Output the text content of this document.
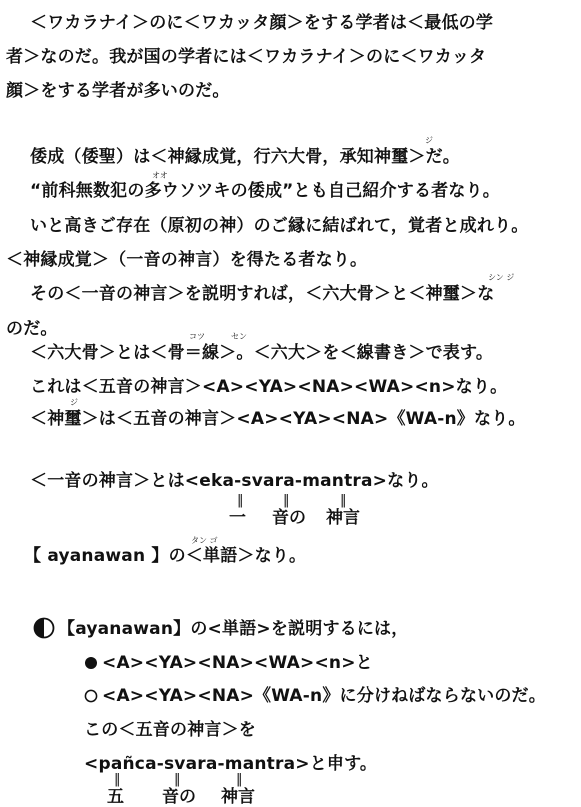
＜ワカラナイ＞のに＜ワカッタ顔＞をする学者は＜最低の学
者＞なのだ。我が国の学者には＜ワカラナイ＞のに＜ワカッタ
顔＞をする学者が多いのだ。
ジ
倭成（倭聖）は＜神縁成覚，行六大骨，承知神璽＞だ。
オオ
“前科無数犯の多ウソツキの倭成”とも自己紹介する者なり。
いと高きご存在（原初の神）のご縁に結ばれて，覚者と成れり。
＜神縁成覚＞（一音の神言）を得たる者なり。
シン ジ
その＜一音の神言＞を説明すれば，＜六大骨＞と＜神璽＞な
のだ。	コツ	セン
＜六大骨＞とは＜骨＝線＞。＜六大＞を＜線書き＞で表す。
これは＜五音の神言＞<A><YA><NA><WA><n>なり。
ジ
＜神璽＞は＜五音の神言＞<A><YA><NA>《WA-n》なり。
＜一音の神言＞とは<eka-svara-mantra>なり。
‖	‖	‖
一 音の 神言
タン ゴ
【 ayanawan 】の＜単語＞なり。
【ayanawan】の<単語>を説明するには，
<A><YA><NA><WA><n>と
<A><YA><NA>《WA-n》に分けねばならないのだ。
この＜五音の神言＞を
<pañca-svara-mantra>と申す。
‖	‖	‖
五 音の 神言
